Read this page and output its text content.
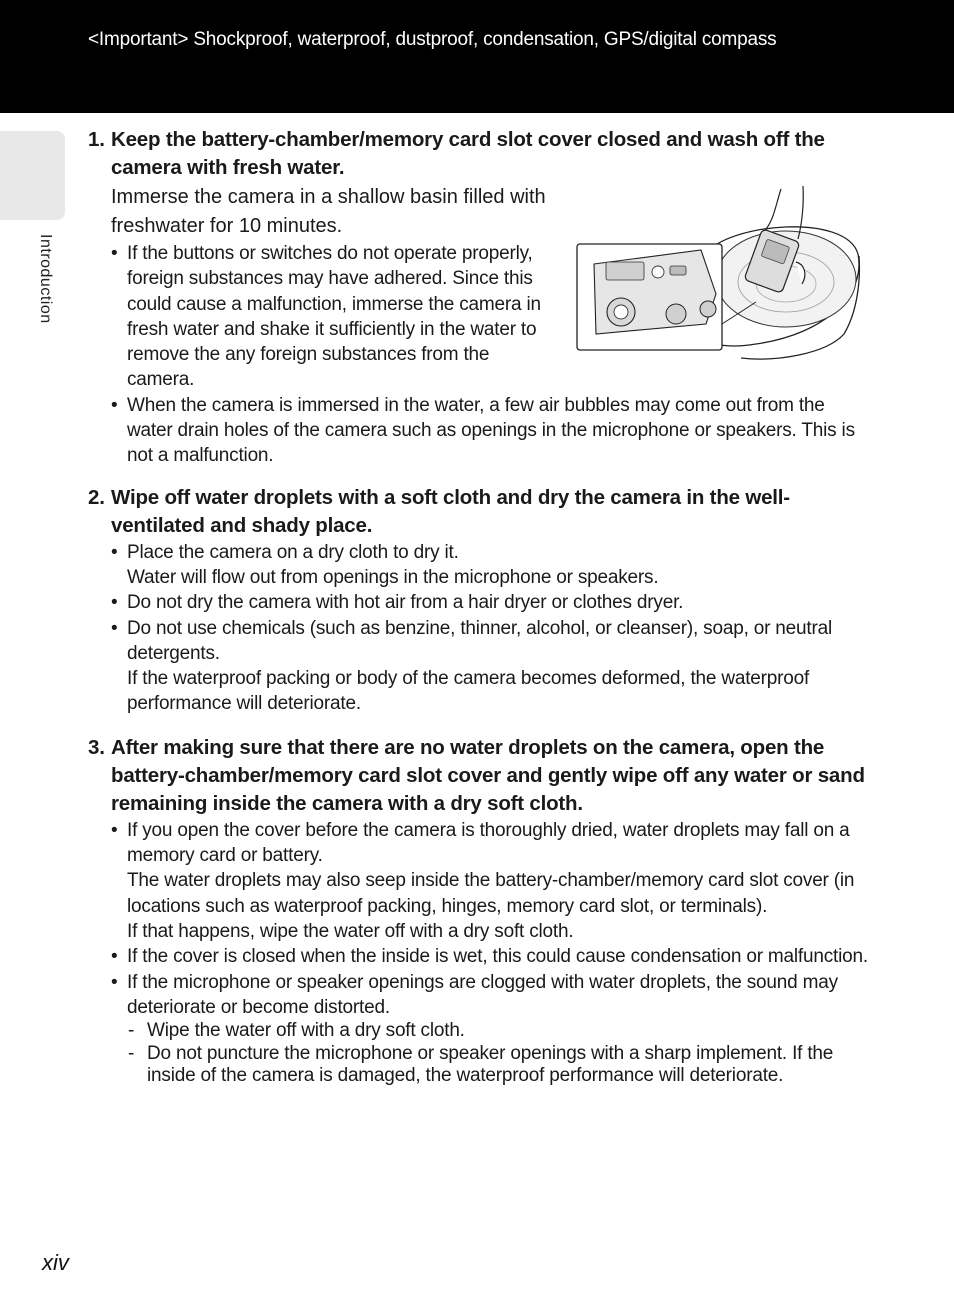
<Important> Shockproof, waterproof, dustproof, condensation, GPS/digital compass
Introduction
1. Keep the battery-chamber/memory card slot cover closed and wash off the camera with fresh water.
Immerse the camera in a shallow basin filled with freshwater for 10 minutes.
• If the buttons or switches do not operate properly, foreign substances may have adhered. Since this could cause a malfunction, immerse the camera in fresh water and shake it sufficiently in the water to remove the any foreign substances from the camera.
• When the camera is immersed in the water, a few air bubbles may come out from the water drain holes of the camera such as openings in the microphone or speakers. This is not a malfunction.
2. Wipe off water droplets with a soft cloth and dry the camera in the well-ventilated and shady place.
• Place the camera on a dry cloth to dry it.
Water will flow out from openings in the microphone or speakers.
• Do not dry the camera with hot air from a hair dryer or clothes dryer.
• Do not use chemicals (such as benzine, thinner, alcohol, or cleanser), soap, or neutral detergents.
If the waterproof packing or body of the camera becomes deformed, the waterproof performance will deteriorate.
3. After making sure that there are no water droplets on the camera, open the battery-chamber/memory card slot cover and gently wipe off any water or sand remaining inside the camera with a dry soft cloth.
• If you open the cover before the camera is thoroughly dried, water droplets may fall on a memory card or battery.
The water droplets may also seep inside the battery-chamber/memory card slot cover (in locations such as waterproof packing, hinges, memory card slot, or terminals).
If that happens, wipe the water off with a dry soft cloth.
• If the cover is closed when the inside is wet, this could cause condensation or malfunction.
• If the microphone or speaker openings are clogged with water droplets, the sound may deteriorate or become distorted.
- Wipe the water off with a dry soft cloth.
- Do not puncture the microphone or speaker openings with a sharp implement. If the inside of the camera is damaged, the waterproof performance will deteriorate.
xiv
